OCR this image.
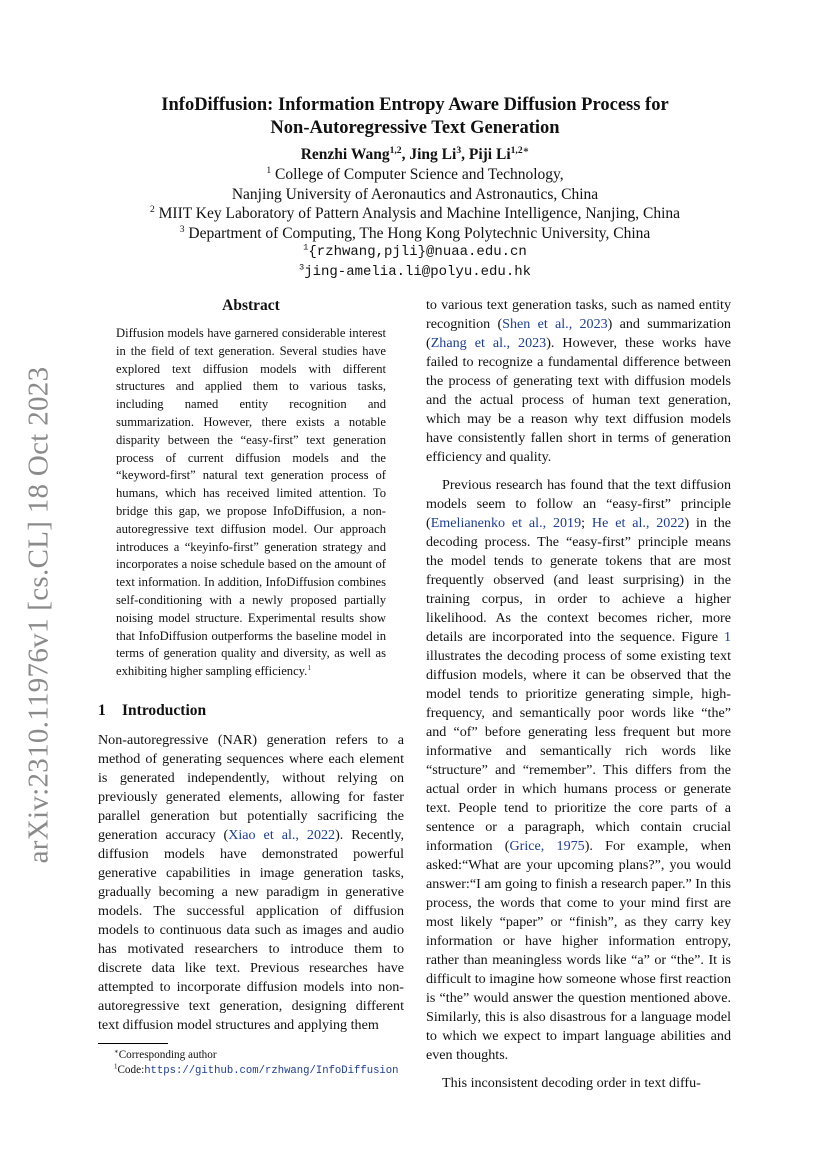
arXiv:2310.11976v1 [cs.CL] 18 Oct 2023
InfoDiffusion: Information Entropy Aware Diffusion Process for
Non-Autoregressive Text Generation
Renzhi Wang$^{1,2}$, Jing Li$^3$, Piji $Li^{1,2∗}$
$^1$ College of Computer Science and Technology,
Nanjing University of Aeronautics and Astronautics, China
$^2$ MIIT Key Laboratory of Pattern Analysis and Machine Intelligence, Nanjing, China
$^3$ Department of Computing, The Hong Kong Polytechnic University, China
$^1${rzhwang,pjli}@nuaa.edu.cn
$^3$jing-amelia.li@polyu.edu.hk
Abstract
Diffusion models have garnered considerable interest in the field of text generation. Several studies have explored text diffusion models with different structures and applied them to various tasks, including named entity recognition and summarization. However, there exists a notable disparity between the “easy-first” text generation process of current diffusion models and the “keyword-first” natural text generation process of humans, which has received limited attention. To bridge this gap, we propose InfoDiffusion, a non-autoregressive text diffusion model. Our approach introduces a “keyinfo-first” generation strategy and incorporates a noise schedule based on the amount of text information. In addition, InfoDiffusion combines self-conditioning with a newly proposed partially noising model structure. Experimental results show that InfoDiffusion outperforms the baseline model in terms of generation quality and diversity, as well as exhibiting higher sampling efficiency.$^1$
1 Introduction

Non-autoregressive (NAR) generation refers to a method of generating sequences where each element is generated independently, without relying on previously generated elements, allowing for faster parallel generation but potentially sacrificing the generation accuracy (Xiao et al., 2022). Recently, diffusion models have demonstrated powerful generative capabilities in image generation tasks, gradually becoming a new paradigm in generative models. The successful application of diffusion models to continuous data such as images and audio has motivated researchers to introduce them to discrete data like text. Previous researches have attempted to incorporate diffusion models into non-autoregressive text generation, designing different text diffusion model structures and applying them

to various text generation tasks, such as named entity recognition (Shen et al., 2023) and summarization (Zhang et al., 2023). However, these works have failed to recognize a fundamental difference between the process of generating text with diffusion models and the actual process of human text generation, which may be a reason why text diffusion models have consistently fallen short in terms of generation efficiency and quality.

Previous research has found that the text diffusion models seem to follow an “easy-first” principle (Emelianenko et al., 2019; He et al., 2022) in the decoding process. The “easy-first” principle means the model tends to generate tokens that are most frequently observed (and least surprising) in the training corpus, in order to achieve a higher likelihood. As the context becomes richer, more details are incorporated into the sequence. Figure 1 illustrates the decoding process of some existing text diffusion models, where it can be observed that the model tends to prioritize generating simple, high-frequency, and semantically poor words like “the” and “of” before generating less frequent but more informative and semantically rich words like “structure” and “remember”. This differs from the actual order in which humans process or generate text. People tend to prioritize the core parts of a sentence or a paragraph, which contain crucial information (Grice, 1975). For example, when asked:“What are your upcoming plans?”, you would answer:“I am going to finish a research paper.” In this process, the words that come to your mind first are most likely “paper” or “finish”, as they carry key information or have higher information entropy, rather than meaningless words like “a” or “the”. It is difficult to imagine how someone whose first reaction is “the” would answer the question mentioned above. Similarly, this is also disastrous for a language model to which we expect to impart language abilities and even thoughts.

This inconsistent decoding order in text diffu-

∗Corresponding author
$^1$Code:https://github.com/rzhwang/InfoDiffusion
